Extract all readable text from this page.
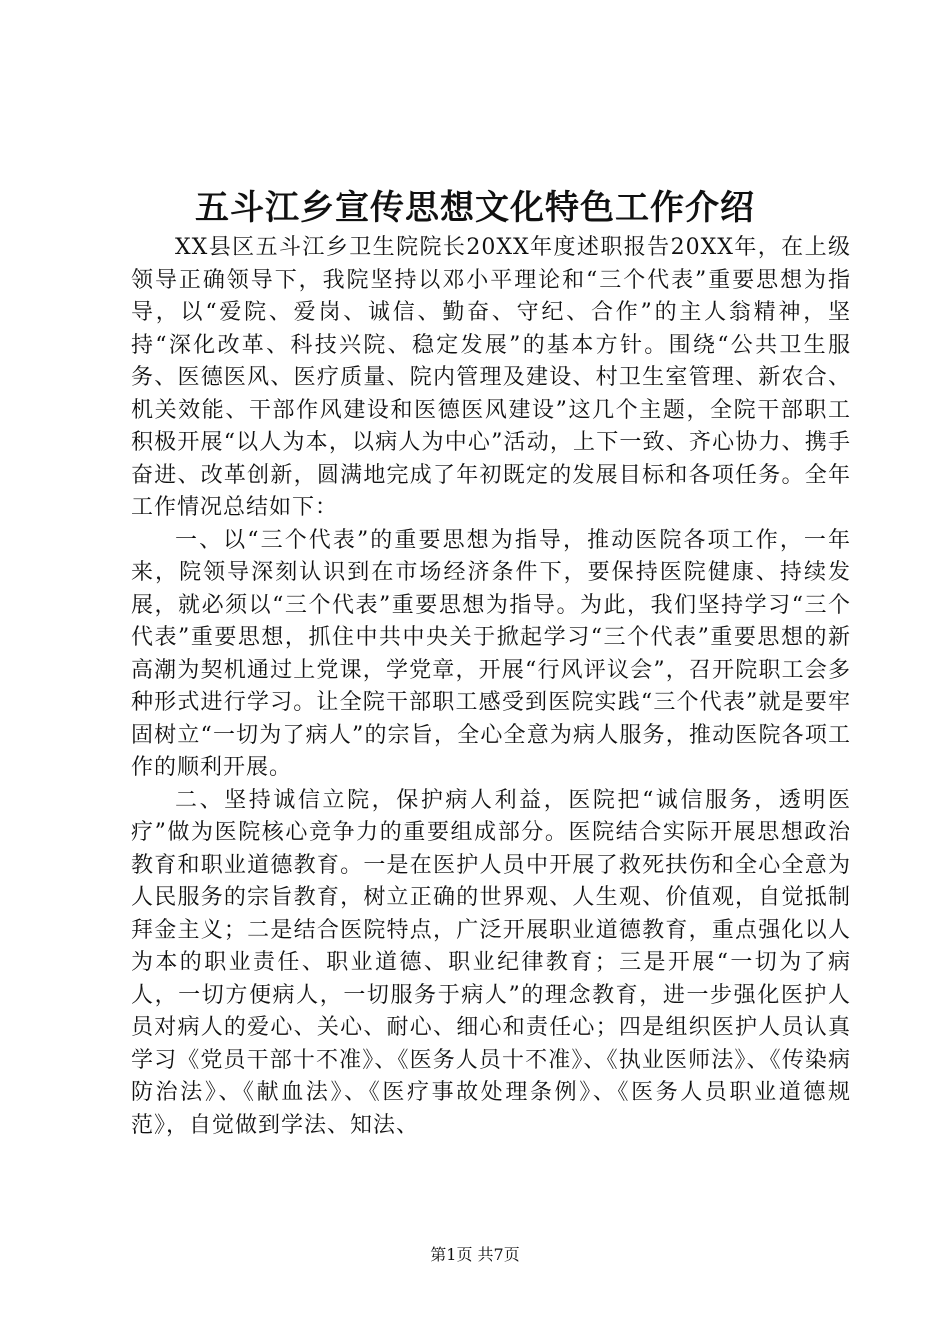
五斗江乡宣传思想文化特色工作介绍

XX县区五斗江乡卫生院院长20XX年度述职报告20XX年，在上级领导正确领导下，我院坚持以邓小平理论和“三个代表”重要思想为指导，以“爱院、爱岗、诚信、勤奋、守纪、合作”的主人翁精神，坚持“深化改革、科技兴院、稳定发展”的基本方针。围绕“公共卫生服务、医德医风、医疗质量、院内管理及建设、村卫生室管理、新农合、机关效能、干部作风建设和医德医风建设”这几个主题，全院干部职工积极开展“以人为本，以病人为中心”活动，上下一致、齐心协力、携手奋进、改革创新，圆满地完成了年初既定的发展目标和各项任务。全年工作情况总结如下：

一、以“三个代表”的重要思想为指导，推动医院各项工作，一年来，院领导深刻认识到在市场经济条件下，要保持医院健康、持续发展，就必须以“三个代表”重要思想为指导。为此，我们坚持学习“三个代表”重要思想，抓住中共中央关于掀起学习“三个代表”重要思想的新高潮为契机通过上党课，学党章，开展“行风评议会”，召开院职工会多种形式进行学习。让全院干部职工感受到医院实践“三个代表”就是要牢固树立“一切为了病人”的宗旨，全心全意为病人服务，推动医院各项工作的顺利开展。

二、坚持诚信立院，保护病人利益，医院把“诚信服务，透明医疗”做为医院核心竞争力的重要组成部分。医院结合实际开展思想政治教育和职业道德教育。一是在医护人员中开展了救死扶伤和全心全意为人民服务的宗旨教育，树立正确的世界观、人生观、价值观，自觉抵制拜金主义；二是结合医院特点，广泛开展职业道德教育，重点强化以人为本的职业责任、职业道德、职业纪律教育；三是开展“一切为了病人，一切方便病人，一切服务于病人”的理念教育，进一步强化医护人员对病人的爱心、关心、耐心、细心和责任心；四是组织医护人员认真学习《党员干部十不准》、《医务人员十不准》、《执业医师法》、《传染病防治法》、《献血法》、《医疗事故处理条例》、《医务人员职业道德规范》，自觉做到学法、知法、

第1页 共7页
